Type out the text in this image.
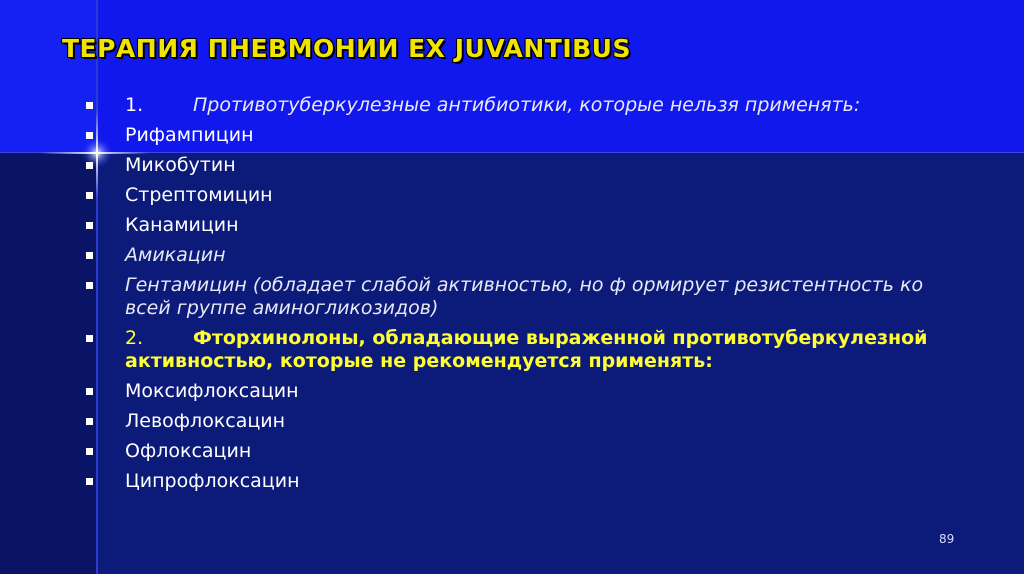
ТЕРАПИЯ ПНЕВМОНИИ EX JUVANTIBUS
1.	Противотуберкулезные антибиотики, которые нельзя применять:
Рифампицин
Микобутин
Стрептомицин
Канамицин
Амикацин
Гентамицин (обладает слабой активностью, но ф ормирует резистентность ко всей группе аминогликозидов)
2.	Фторхинолоны, обладающие выраженной противотуберкулезной активностью, которые не рекомендуется применять:
Моксифлоксацин
Левофлоксацин
Офлоксацин
Ципрофлоксацин
89
